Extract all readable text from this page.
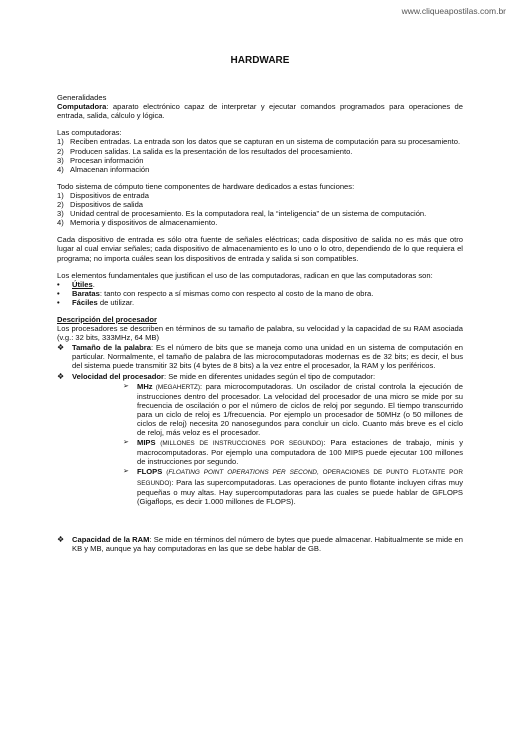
www.cliqueapostilas.com.br
HARDWARE

Generalidades

Computadora: aparato electrónico capaz de interpretar y ejecutar comandos programados para operaciones de entrada, salida, cálculo y lógica.

Las computadoras:

1) Reciben entradas. La entrada son los datos que se capturan en un sistema de computación para su procesamiento.
2) Producen salidas. La salida es la presentación de los resultados del procesamiento.
3) Procesan información
4) Almacenan información

Todo sistema de cómputo tiene componentes de hardware dedicados a estas funciones:

1) Dispositivos de entrada
2) Dispositivos de salida
3) Unidad central de procesamiento. Es la computadora real, la “inteligencia” de un sistema de computación.
4) Memoria y dispositivos de almacenamiento.

Cada dispositivo de entrada es sólo otra fuente de señales eléctricas; cada dispositivo de salida no es más que otro lugar al cual enviar señales; cada dispositivo de almacenamiento es lo uno o lo otro, dependiendo de lo que requiera el programa; no importa cuáles sean los dispositivos de entrada y salida si son compatibles.

Los elementos fundamentales que justifican el uso de las computadoras, radican en que las computadoras son:

•	Útiles.
•	Baratas: tanto con respecto a sí mismas como con respecto al costo de la mano de obra.
•	Fáciles de utilizar.

Descripción del procesador

Los procesadores se describen en términos de su tamaño de palabra, su velocidad y la capacidad de su RAM asociada (v.g.: 32 bits, 333MHz, 64 MB)

❖	Tamaño de la palabra: Es el número de bits que se maneja como una unidad en un sistema de computación en particular. Normalmente, el tamaño de palabra de las microcomputadoras modernas es de 32 bits; es decir, el bus del sistema puede transmitir 32 bits (4 bytes de 8 bits) a la vez entre el procesador, la RAM y los periféricos.
❖	Velocidad del procesador: Se mide en diferentes unidades según el tipo de computador:
➢	MHz (MEGAHERTZ): para microcomputadoras. Un oscilador de cristal controla la ejecución de instrucciones dentro del procesador. La velocidad del procesador de una micro se mide por su frecuencia de oscilación o por el número de ciclos de reloj por segundo. El tiempo transcurrido para un ciclo de reloj es 1/frecuencia. Por ejemplo un procesador de 50MHz (o 50 millones de ciclos de reloj) necesita 20 nanosegundos para concluir un ciclo. Cuanto más breve es el ciclo de reloj, más veloz es el procesador.
➢	MIPS (MILLONES DE INSTRUCCIONES POR SEGUNDO): Para estaciones de trabajo, minis y macrocomputadoras. Por ejemplo una computadora de 100 MIPS puede ejecutar 100 millones de instrucciones por segundo.
➢	FLOPS (FLOATING POINT OPERATIONS PER SECOND, OPERACIONES DE PUNTO FLOTANTE POR SEGUNDO): Para las supercomputadoras. Las operaciones de punto flotante incluyen cifras muy pequeñas o muy altas. Hay supercomputadoras para las cuales se puede hablar de GFLOPS (Gigaflops, es decir 1.000 millones de FLOPS).
❖	Capacidad de la RAM: Se mide en términos del número de bytes que puede almacenar. Habitualmente se mide en KB y MB, aunque ya hay computadoras en las que se debe hablar de GB.
